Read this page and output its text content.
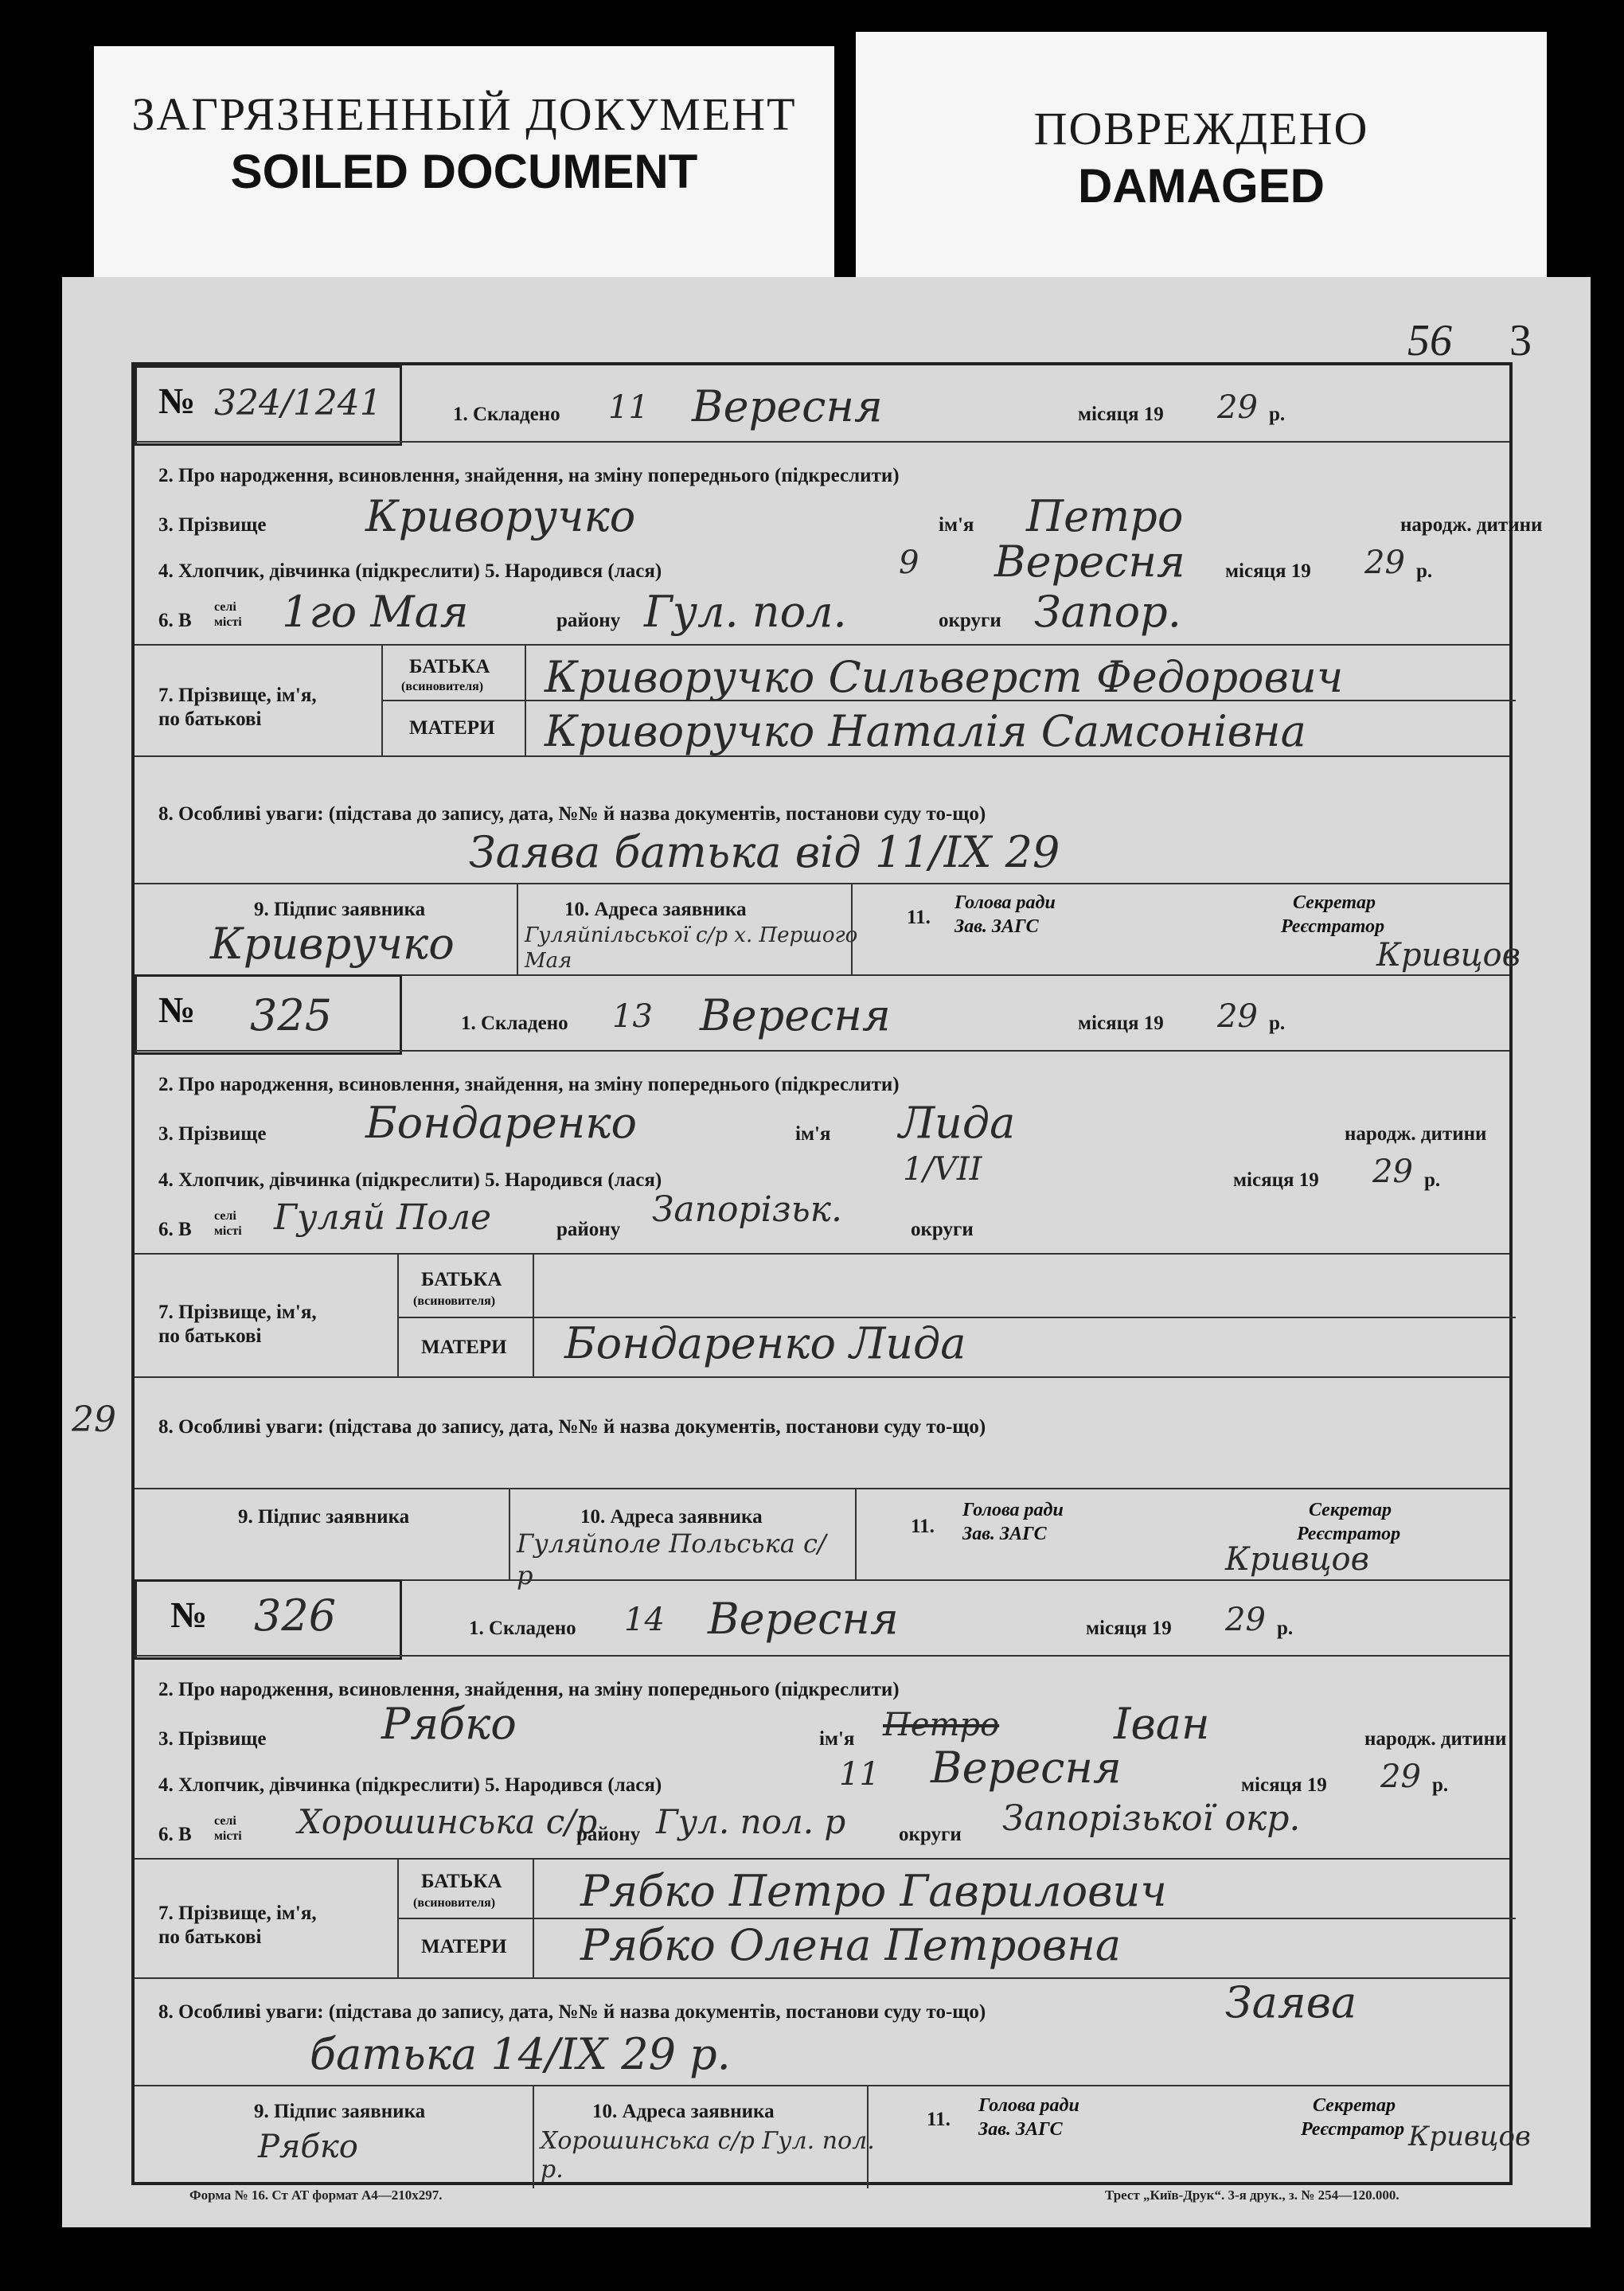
ЗАГРЯЗНЕННЫЙ ДОКУМЕНТ
SOILED DOCUMENT
ПОВРЕЖДЕНО
DAMAGED
56 3
29
Форма № 16. Ст АТ формат А4—210х297.	Трест „Київ-Друк“. 3-я друк., з. № 254—120.000.
№ 324/1241	1. Складено 11 Вересня	місяця 19 29 р.
2. Про народження, всиновлення, знайдення, на зміну попереднього (підкреслити)
3. Прізвище Криворучко	ім'я Петро	народж. дитини
4. Хлопчик, дівчинка (підкреслити) 5. Народився (лася)	9 Вересня місяця 19 29 р.
6. В
селі
місті 1го Мая	району Гул. пол.	округи Запор.
7. Прізвище, ім'я, по батькові
БАТЬКА
(всиновителя) Криворучко Сильверст Федорович
МАТЕРИ Криворучко Наталія Самсонівна
8. Особливі уваги: (підстава до запису, дата, №№ й назва документів, постанови суду то-що)
Заява батька від 11/IX 29
9. Підпис заявника
Кривручко
10. Адреса заявника
Гуляйпільської с/р х. Першого Мая
11.
Голова ради
Зав. ЗАГС
Секретар
Реєстратор
Кривцов
№ 325	1. Складено 13 Вересня	місяця 19 29 р.
2. Про народження, всиновлення, знайдення, на зміну попереднього (підкреслити)
3. Прізвище Бондаренко	ім'я Лида	народж. дитини
4. Хлопчик, дівчинка (підкреслити) 5. Народився (лася)	1/VII	місяця 19 29 р.
6. В
селі
місті Гуляй Поле	району Запорізьк.	округи
7. Прізвище, ім'я, по батькові
БАТЬКА
(всиновителя)
МАТЕРИ Бондаренко Лида
8. Особливі уваги: (підстава до запису, дата, №№ й назва документів, постанови суду то-що)
9. Підпис заявника	10. Адреса заявника
Гуляйполе Польська с/р
11.
Голова ради
Зав. ЗАГС
Секретар
Реєстратор
Кривцов
№ 326	1. Складено 14 Вересня	місяця 19 29 р.
2. Про народження, всиновлення, знайдення, на зміну попереднього (підкреслити)
3. Прізвище	Рябко	ім'я Петро	Іван	народж. дитини
4. Хлопчик, дівчинка (підкреслити) 5. Народився (лася)	11 Вересня	місяця 19 29 р.
6. В
селі
місті Хорошинська с/р
району Гул. пол. р	округи Запорізької окр.
7. Прізвище, ім'я, по батькові
БАТЬКА
(всиновителя) Рябко Петро Гаврилович
МАТЕРИ Рябко Олена Петровна
8. Особливі уваги: (підстава до запису, дата, №№ й назва документів, постанови суду то-що)	Заява
батька 14/IX 29 р.
9. Підпис заявника
Рябко
10. Адреса заявника
Хорошинська с/р Гул. пол. р.
11.
Голова ради
Зав. ЗАГС
Секретар
Реєстратор Кривцов
